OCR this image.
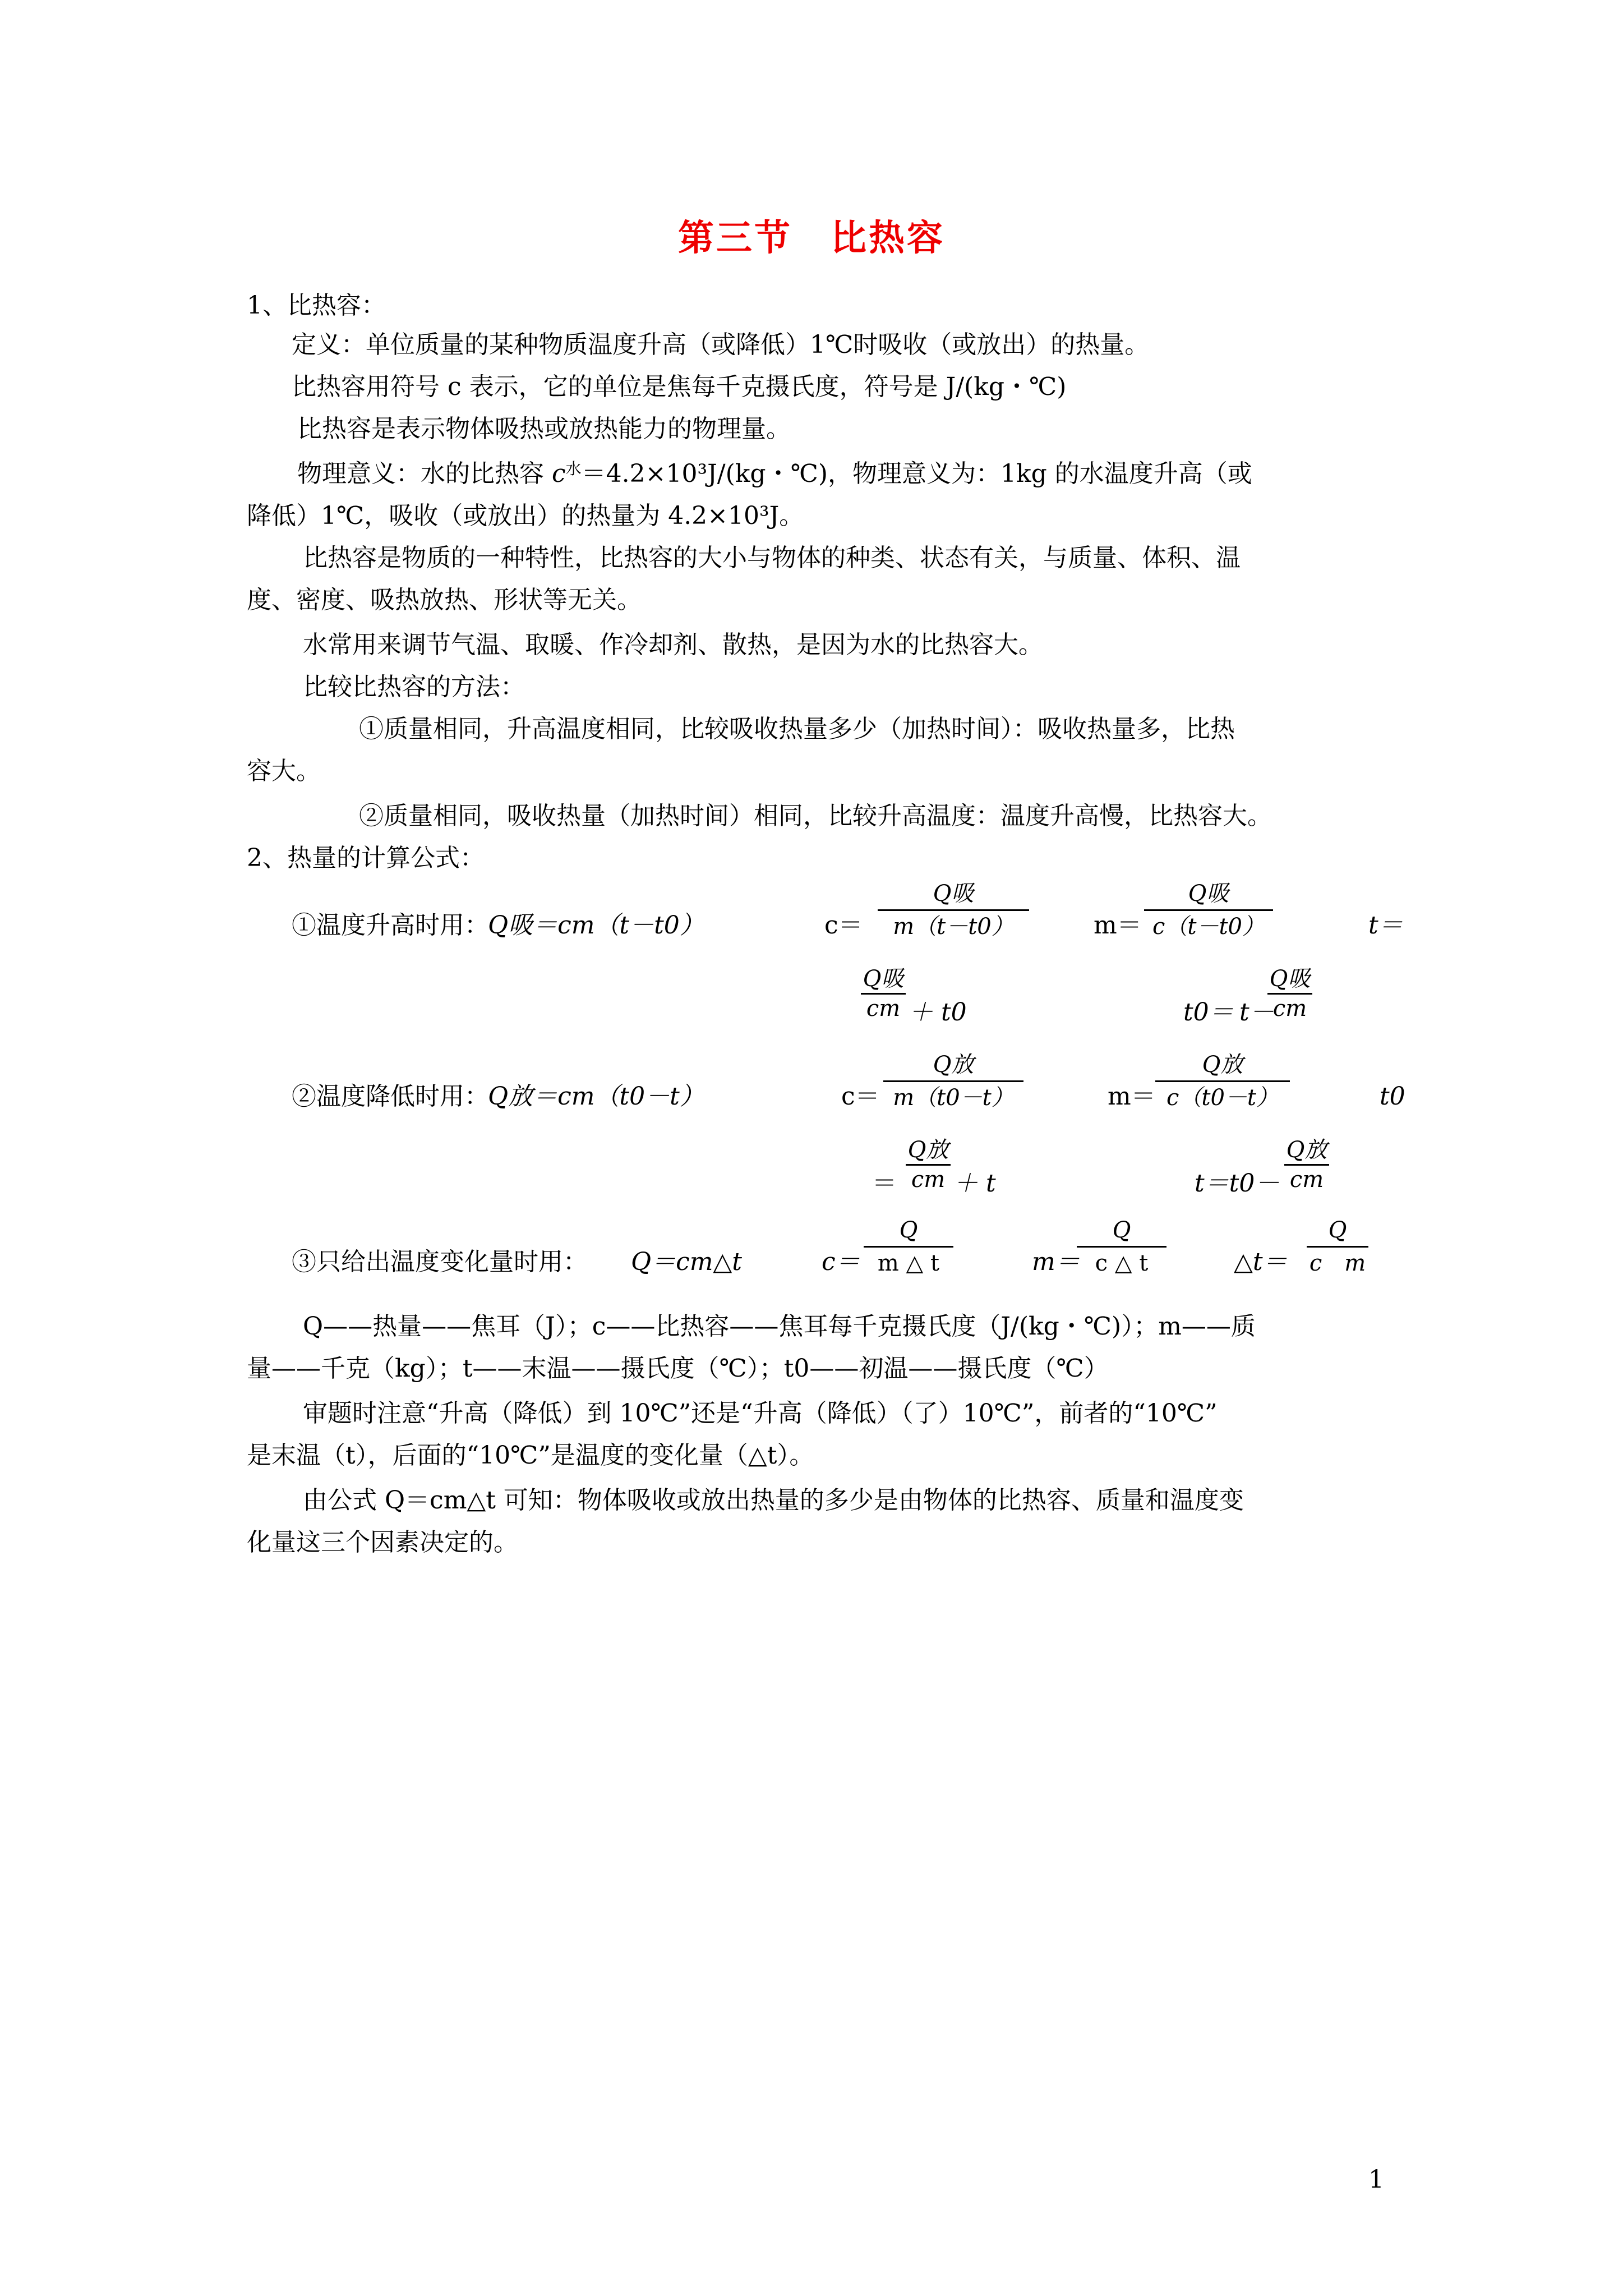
第三节　比热容
1、比热容：
定义：单位质量的某种物质温度升高（或降低）1℃时吸收（或放出）的热量。
比热容用符号 c 表示，它的单位是焦每千克摄氏度，符号是 J/(kg・℃)
比热容是表示物体吸热或放热能力的物理量。
物理意义：水的比热容 $c^水=4.2\times 10^3J/(kg$・℃)，物理意义为：1kg 的水温度升高（或
降低）1℃，吸收（或放出）的热量为 4.2×10³J。
比热容是物质的一种特性，比热容的大小与物体的种类、状态有关，与质量、体积、温
度、密度、吸热放热、形状等无关。
水常用来调节气温、取暖、作冷却剂、散热，是因为水的比热容大。
比较比热容的方法：
①质量相同，升高温度相同，比较吸收热量多少（加热时间）：吸收热量多，比热
容大。
②质量相同，吸收热量（加热时间）相同，比较升高温度：温度升高慢，比热容大。
2、热量的计算公式：
①温度升高时用：
Q吸＝cm（t－t0）	c＝
Q吸
m（t－t0）	m＝
Q吸
c（t－t0）	t＝
Q吸
cm ＋ t0	t0＝ t－
Q吸
cm
②温度降低时用：
Q放＝cm（t0－t）	c＝
Q放
m（t0－t）	m＝
Q放
c（t0－t）	t0
＝
Q放
cm ＋ t	t＝t0－
Q放
cm
③只给出温度变化量时用： Q＝cm△t	$c= \frac{Q}{m \triangle t}$	m＝
$\frac{Q}{c \triangle t}$	△t＝ $\frac{Q}{\text{c　m}}$
Q——热量——焦耳（J）；c——比热容——焦耳每千克摄氏度（J/(kg・℃)）；m——质
量——千克（kg）；t——末温——摄氏度（℃）；t0——初温——摄氏度（℃）
审题时注意“升高（降低）到 10℃”还是“升高（降低）（了）10℃”，前者的“10℃”
是末温（t），后面的“10℃”是温度的变化量（△t）。
由公式 Q＝cm△t 可知：物体吸收或放出热量的多少是由物体的比热容、质量和温度变
化量这三个因素决定的。
1
